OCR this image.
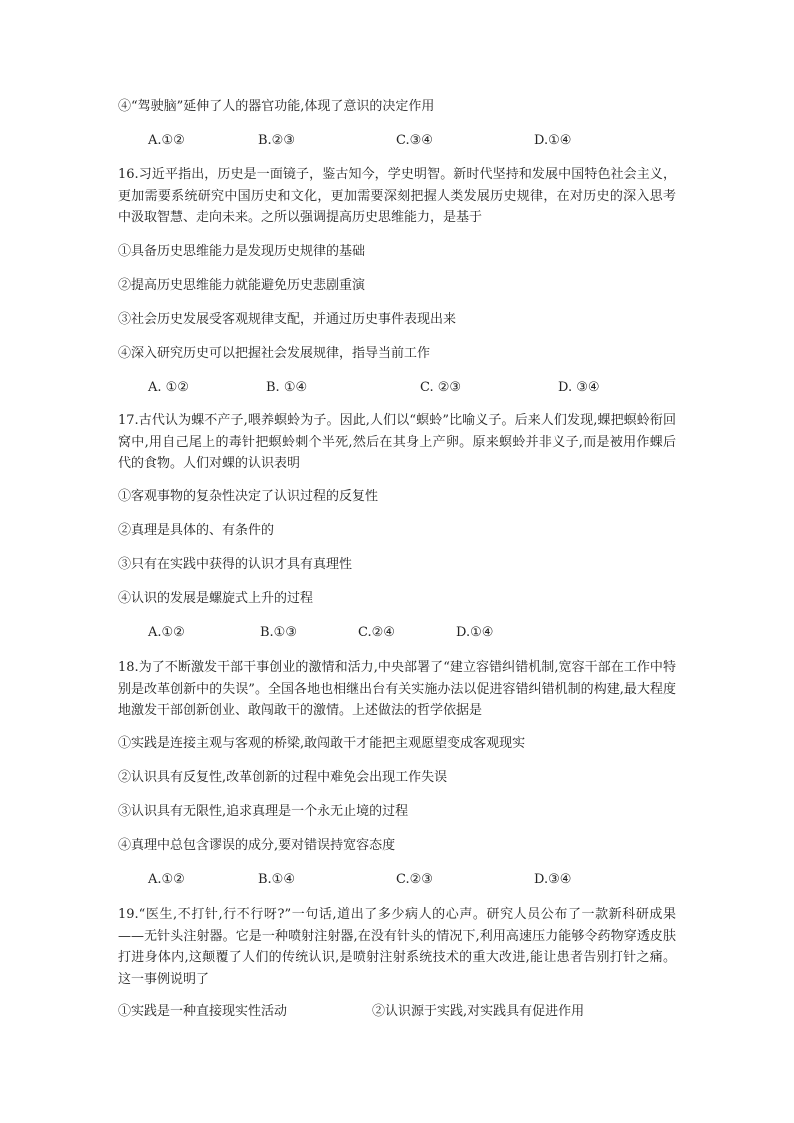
④“驾驶脑”延伸了人的器官功能,体现了意识的决定作用
A.①②	B.②③	C.③④	D.①④
16.习近平指出，历史是一面镜子，鉴古知今，学史明智。新时代坚持和发展中国特色社会主义，更加需要系统研究中国历史和文化，更加需要深刻把握人类发展历史规律，在对历史的深入思考中汲取智慧、走向未来。之所以强调提高历史思维能力，是基于
①具备历史思维能力是发现历史规律的基础
②提高历史思维能力就能避免历史悲剧重演
③社会历史发展受客观规律支配，并通过历史事件表现出来
④深入研究历史可以把握社会发展规律，指导当前工作
A. ①②	B. ①④	C. ②③	D. ③④
17.古代认为蜾不产子,喂养螟蛉为子。因此,人们以“螟蛉”比喻义子。后来人们发现,蜾把螟蛉衔回窝中,用自己尾上的毒针把螟蛉刺个半死,然后在其身上产卵。原来螟蛉并非义子,而是被用作蜾后代的食物。人们对蜾的认识表明
①客观事物的复杂性决定了认识过程的反复性
②真理是具体的、有条件的
③只有在实践中获得的认识才具有真理性
④认识的发展是螺旋式上升的过程
A.①②	B.①③	C.②④	D.①④
18.为了不断激发干部干事创业的激情和活力,中央部署了“建立容错纠错机制,宽容干部在工作中特别是改革创新中的失误”。全国各地也相继出台有关实施办法以促进容错纠错机制的构建,最大程度地激发干部创新创业、敢闯敢干的激情。上述做法的哲学依据是
①实践是连接主观与客观的桥梁,敢闯敢干才能把主观愿望变成客观现实
②认识具有反复性,改革创新的过程中难免会出现工作失误
③认识具有无限性,追求真理是一个永无止境的过程
④真理中总包含谬误的成分,要对错误持宽容态度
A.①②	B.①④	C.②③	D.③④
19.“医生,不打针,行不行呀?”一句话,道出了多少病人的心声。研究人员公布了一款新科研成果——无针头注射器。它是一种喷射注射器,在没有针头的情况下,利用高速压力能够令药物穿透皮肤打进身体内,这颠覆了人们的传统认识,是喷射注射系统技术的重大改进,能让患者告别打针之痛。这一事例说明了
①实践是一种直接现实性活动	②认识源于实践,对实践具有促进作用
